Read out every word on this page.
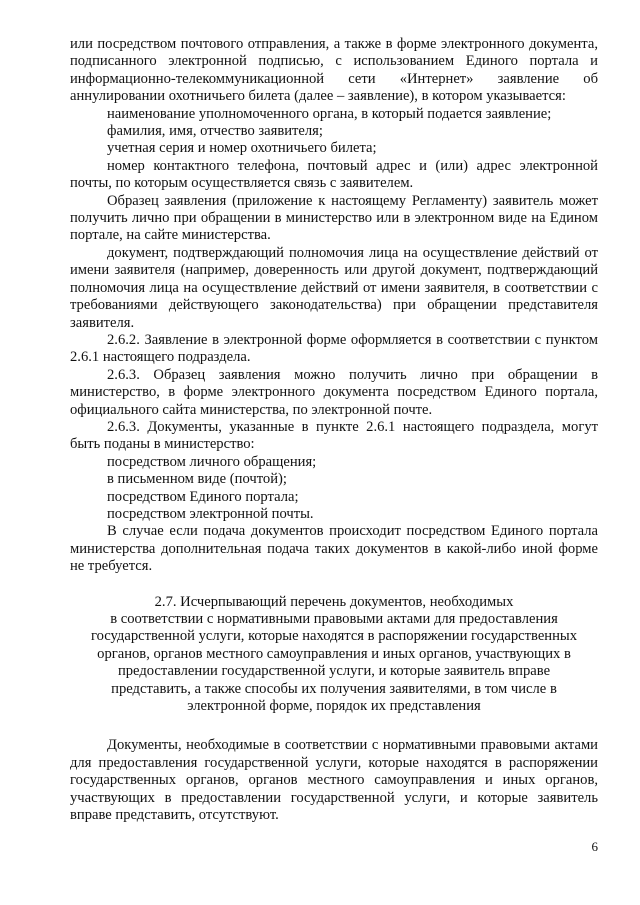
или посредством почтового отправления, а также в форме электронного документа, подписанного электронной подписью, с использованием Единого портала и информационно-телекоммуникационной сети «Интернет» заявление об аннулировании охотничьего билета (далее – заявление), в котором указывается:

наименование уполномоченного органа, в который подается заявление;

фамилия, имя, отчество заявителя;

учетная серия и номер охотничьего билета;

номер контактного телефона, почтовый адрес и (или) адрес электронной почты, по которым осуществляется связь с заявителем.

Образец заявления (приложение к настоящему Регламенту) заявитель может получить лично при обращении в министерство или в электронном виде на Едином портале, на сайте министерства.

документ, подтверждающий полномочия лица на осуществление действий от имени заявителя (например, доверенность или другой документ, подтверждающий полномочия лица на осуществление действий от имени заявителя, в соответствии с требованиями действующего законодательства) при обращении представителя заявителя.

2.6.2. Заявление в электронной форме оформляется в соответствии с пунктом 2.6.1 настоящего подраздела.

2.6.3. Образец заявления можно получить лично при обращении в министерство, в форме электронного документа посредством Единого портала, официального сайта министерства, по электронной почте.

2.6.3. Документы, указанные в пункте 2.6.1 настоящего подраздела, могут быть поданы в министерство:

посредством личного обращения;

в письменном виде (почтой);

посредством Единого портала;

посредством электронной почты.

В случае если подача документов происходит посредством Единого портала министерства дополнительная подача таких документов в какой-либо иной форме не требуется.

2.7. Исчерпывающий перечень документов, необходимых

в соответствии с нормативными правовыми актами для предоставления

государственной услуги, которые находятся в распоряжении государственных

органов, органов местного самоуправления и иных органов, участвующих в

предоставлении государственной услуги, и которые заявитель вправе

представить, а также способы их получения заявителями, в том числе в

электронной форме, порядок их представления

Документы, необходимые в соответствии с нормативными правовыми актами для предоставления государственной услуги, которые находятся в распоряжении государственных органов, органов местного самоуправления и иных органов, участвующих в предоставлении государственной услуги, и которые заявитель вправе представить, отсутствуют.

6
